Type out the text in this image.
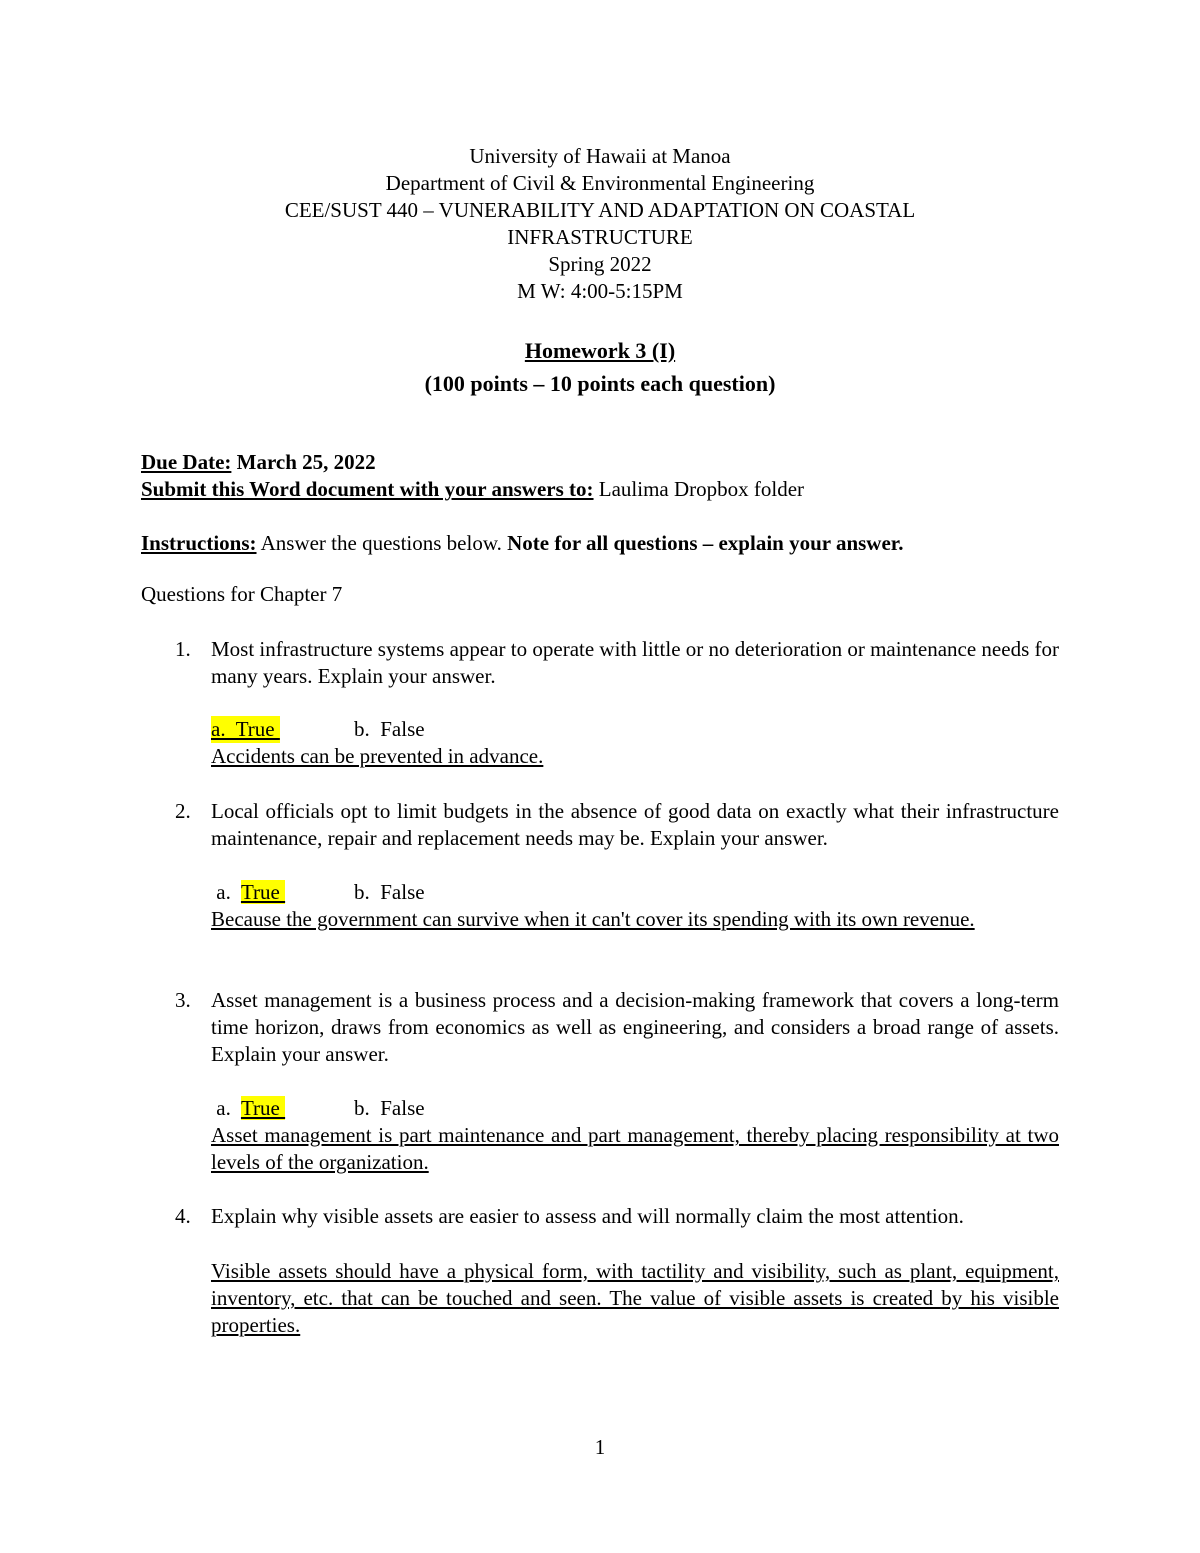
University of Hawaii at Manoa
Department of Civil & Environmental Engineering
CEE/SUST 440 – VUNERABILITY AND ADAPTATION ON COASTAL
INFRASTRUCTURE
Spring 2022
M W: 4:00-5:15PM
Homework 3 (I)
(100 points – 10 points each question)
Due Date: March 25, 2022
Submit this Word document with your answers to: Laulima Dropbox folder
Instructions: Answer the questions below. Note for all questions – explain your answer.
Questions for Chapter 7
1. Most infrastructure systems appear to operate with little or no deterioration or maintenance needs for many years. Explain your answer.
a.  True	b.  False
Accidents can be prevented in advance.
2. Local officials opt to limit budgets in the absence of good data on exactly what their infrastructure maintenance, repair and replacement needs may be. Explain your answer.
a.  True	b.  False
Because the government can survive when it can't cover its spending with its own revenue.
3. Asset management is a business process and a decision-making framework that covers a long-term time horizon, draws from economics as well as engineering, and considers a broad range of assets. Explain your answer.
a.  True	b.  False
Asset management is part maintenance and part management, thereby placing responsibility at two levels of the organization.
4. Explain why visible assets are easier to assess and will normally claim the most attention.
Visible assets should have a physical form, with tactility and visibility, such as plant, equipment, inventory, etc. that can be touched and seen. The value of visible assets is created by his visible properties.
1
